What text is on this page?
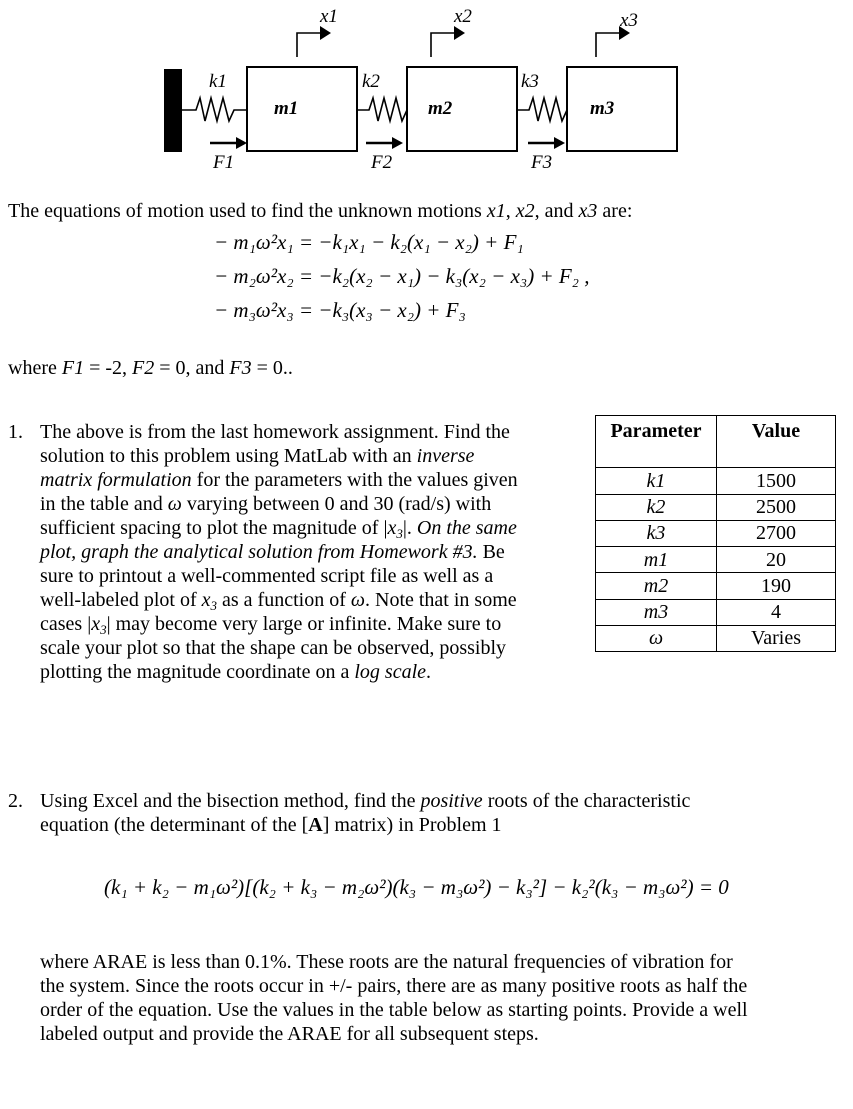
x1	x2	x3
k1	k2	k3
F1	F2	F3
m1	m2	m3
The equations of motion used to find the unknown motions x1, x2, and x3 are:
− m₁ω²x₁ = −k₁x₁ − k₂(x₁ − x₂) + F₁
− m₂ω²x₂ = −k₂(x₂ − x₁) − k₃(x₂ − x₃) + F₂ ,
− m₃ω²x₃ = −k₃(x₃ − x₂) + F₃
where F1 = -2, F2 = 0, and F3 = 0..
1. The above is from the last homework assignment. Find the
solution to this problem using MatLab with an inverse
matrix formulation for the parameters with the values given
in the table and ω varying between 0 and 30 (rad/s) with
sufficient spacing to plot the magnitude of $|x_3|$. On the same
plot, graph the analytical solution from Homework #3. Be
sure to printout a well-commented script file as well as a
well-labeled plot of $x_3$ as a function of ω. Note that in some
cases $|x_3|$ may become very large or infinite. Make sure to
scale your plot so that the shape can be observed, possibly
plotting the magnitude coordinate on a log scale.
Parameter	Value
k1	1500
k2	2500
k3	2700
m1	20
m2	190
m3	4
ω	Varies
2. Using Excel and the bisection method, find the positive roots of the characteristic
equation (the determinant of the [A] matrix) in Problem 1
(k₁ + k₂ − m₁ω²)[(k₂ + k₃ − m₂ω²)(k₃ − m₃ω²) − k₃²] − k₂²(k₃ − m₃ω²) = 0
where ARAE is less than 0.1%. These roots are the natural frequencies of vibration for
the system. Since the roots occur in +/- pairs, there are as many positive roots as half the
order of the equation. Use the values in the table below as starting points. Provide a well
labeled output and provide the ARAE for all subsequent steps.
